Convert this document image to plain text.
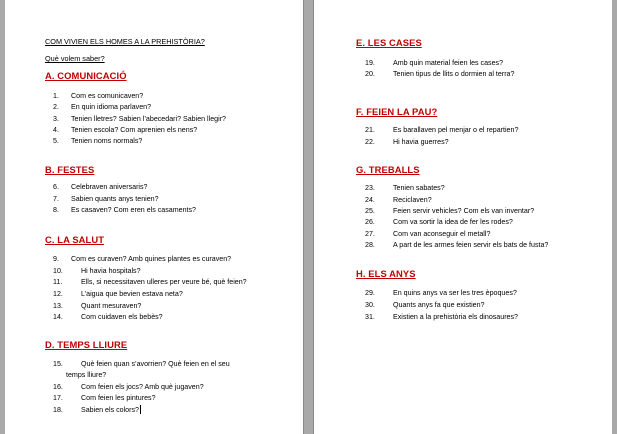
COM VIVIEN ELS HOMES A LA PREHISTÒRIA?
Què volem saber?
A. COMUNICACIÓ
1. Com es comunicaven?
2. En quin idioma parlaven?
3. Tenien lletres? Sabien l’abecedari? Sabien llegir?
4. Tenien escola? Com aprenien els nens?
5. Tenien noms normals?
B. FESTES
6. Celebraven aniversaris?
7. Sabien quants anys tenien?
8. Es casaven? Com eren els casaments?
C. LA SALUT
9. Com es curaven? Amb quines plantes es curaven?
10.	Hi havia hospitals?
11.	Ells, si necessitaven ulleres per veure bé, què feien?
12.	L’aigua que bevien estava neta?
13.	Quant mesuraven?
14.	Com cuidaven els bebès?
D. TEMPS LLIURE
15.	Què feien quan s’avorrien? Què feien en el seu
temps lliure?
16.	Com feien els jocs? Amb què jugaven?
17.	Com feien les pintures?
18.	Sabien els colors?
E. LES CASES
19.	Amb quin material feien les cases?
20.	Tenien tipus de llits o dormien al terra?
F. FEIEN LA PAU?
21.	Es barallaven pel menjar o el repartien?
22.	Hi havia guerres?
G. TREBALLS
23.	Tenien sabates?
24.	Reciclaven?
25.	Feien servir vehicles? Com els van inventar?
26.	Com va sortir la idea de fer les rodes?
27.	Com van aconseguir el metall?
28.	A part de les armes feien servir els bats de fusta?
H. ELS ANYS
29.	En quins anys va ser les tres èpoques?
30.	Quants anys fa que existien?
31.	Existien a la prehistòria els dinosaures?
